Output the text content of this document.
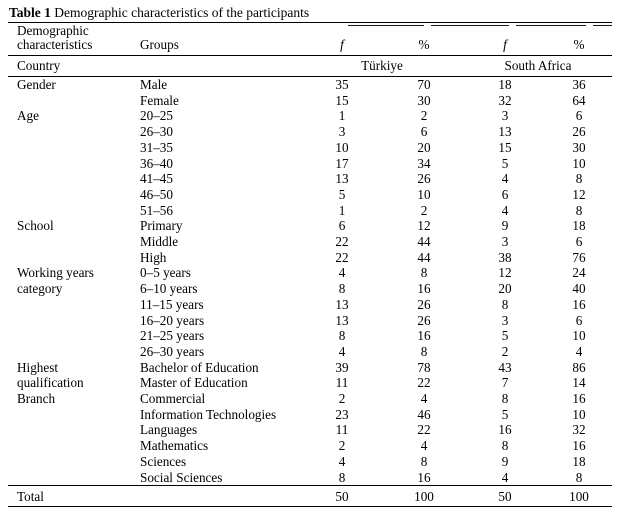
Table 1 Demographic characteristics of the participants
Demographic characteristics	Groups	f	%	f	%
Country		Türkiye		South Africa	
Gender	Male	35	70	18	36
	Female	15	30	32	64
Age	20–25	1	2	3	6
	26–30	3	6	13	26
	31–35	10	20	15	30
	36–40	17	34	5	10
	41–45	13	26	4	8
	46–50	5	10	6	12
	51–56	1	2	4	8
School	Primary	6	12	9	18
	Middle	22	44	3	6
	High	22	44	38	76
Working years	0–5 years	4	8	12	24
category	6–10 years	8	16	20	40
	11–15 years	13	26	8	16
	16–20 years	13	26	3	6
	21–25 years	8	16	5	10
	26–30 years	4	8	2	4
Highest	Bachelor of Education	39	78	43	86
qualification	Master of Education	11	22	7	14
Branch	Commercial	2	4	8	16
	Information Technologies	23	46	5	10
	Languages	11	22	16	32
	Mathematics	2	4	8	16
	Sciences	4	8	9	18
	Social Sciences	8	16	4	8
Total		50	100	50	100
